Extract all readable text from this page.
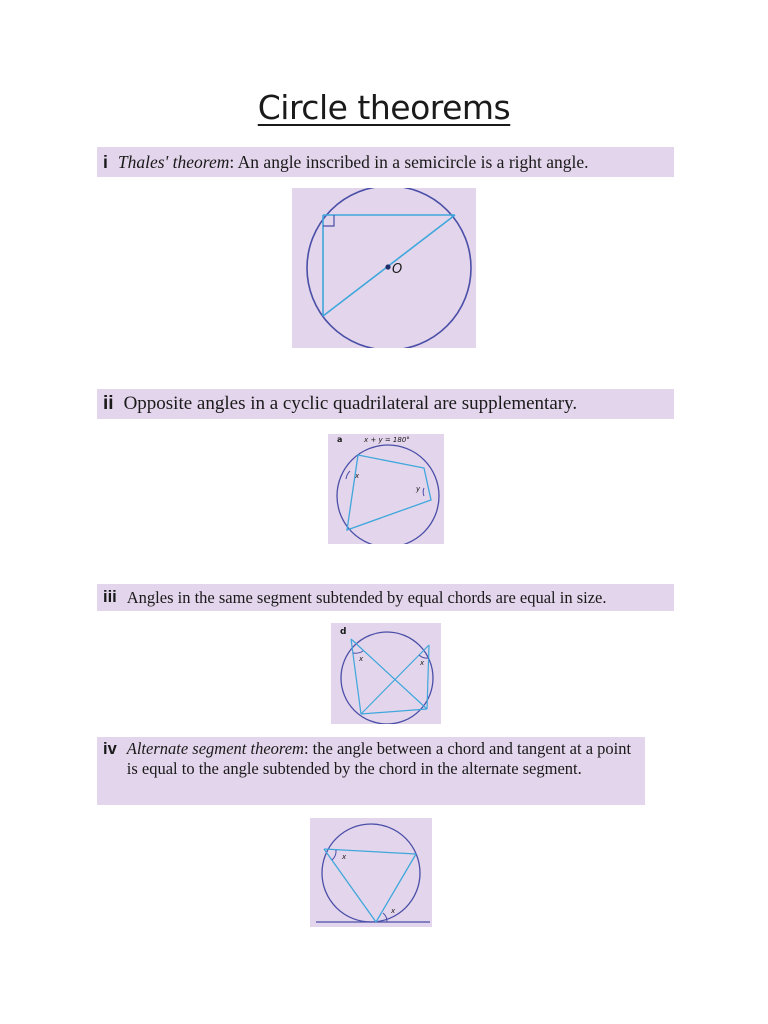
Circle theorems
i Thales' theorem : An angle inscribed in a semicircle is a right angle.
O
ii Opposite angles in a cyclic quadrilateral are supplementary.
a	x + y = 180°
x
y
iii Angles in the same segment subtended by equal chords are equal in size.
d
x	x
iv Alternate segment theorem: the angle between a chord and tangent at a point is equal to the angle subtended by the chord in the alternate segment.
x
x
